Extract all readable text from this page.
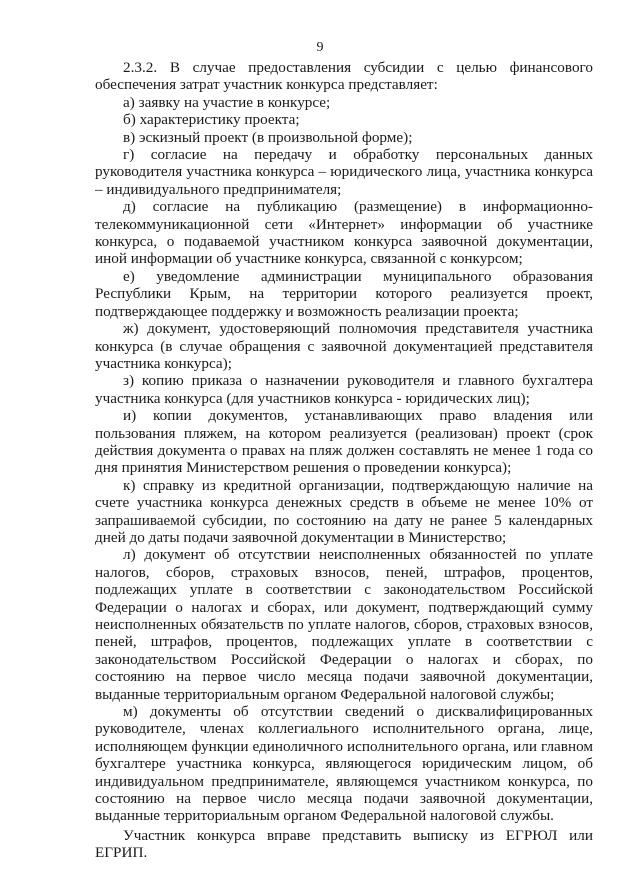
9

2.3.2. В случае предоставления субсидии с целью финансового обеспечения затрат участник конкурса представляет:

а) заявку на участие в конкурсе;

б) характеристику проекта;

в) эскизный проект (в произвольной форме);

г) согласие на передачу и обработку персональных данных руководителя участника конкурса – юридического лица, участника конкурса – индивидуального предпринимателя;

д) согласие на публикацию (размещение) в информационно-телекоммуникационной сети «Интернет» информации об участнике конкурса, о подаваемой участником конкурса заявочной документации, иной информации об участнике конкурса, связанной с конкурсом;

е) уведомление администрации муниципального образования Республики Крым, на территории которого реализуется проект, подтверждающее поддержку и возможность реализации проекта;

ж) документ, удостоверяющий полномочия представителя участника конкурса (в случае обращения с заявочной документацией представителя участника конкурса);

з) копию приказа о назначении руководителя и главного бухгалтера участника конкурса (для участников конкурса - юридических лиц);

и) копии документов, устанавливающих право владения или пользования пляжем, на котором реализуется (реализован) проект (срок действия документа о правах на пляж должен составлять не менее 1 года со дня принятия Министерством решения о проведении конкурса);

к) справку из кредитной организации, подтверждающую наличие на счете участника конкурса денежных средств в объеме не менее 10% от запрашиваемой субсидии, по состоянию на дату не ранее 5 календарных дней до даты подачи заявочной документации в Министерство;

л) документ об отсутствии неисполненных обязанностей по уплате налогов, сборов, страховых взносов, пеней, штрафов, процентов, подлежащих уплате в соответствии с законодательством Российской Федерации о налогах и сборах, или документ, подтверждающий сумму неисполненных обязательств по уплате налогов, сборов, страховых взносов, пеней, штрафов, процентов, подлежащих уплате в соответствии с законодательством Российской Федерации о налогах и сборах, по состоянию на первое число месяца подачи заявочной документации, выданные территориальным органом Федеральной налоговой службы;

м) документы об отсутствии сведений о дисквалифицированных руководителе, членах коллегиального исполнительного органа, лице, исполняющем функции единоличного исполнительного органа, или главном бухгалтере участника конкурса, являющегося юридическим лицом, об индивидуальном предпринимателе, являющемся участником конкурса, по состоянию на первое число месяца подачи заявочной документации, выданные территориальным органом Федеральной налоговой службы.

Участник конкурса вправе представить выписку из ЕГРЮЛ или ЕГРИП.
